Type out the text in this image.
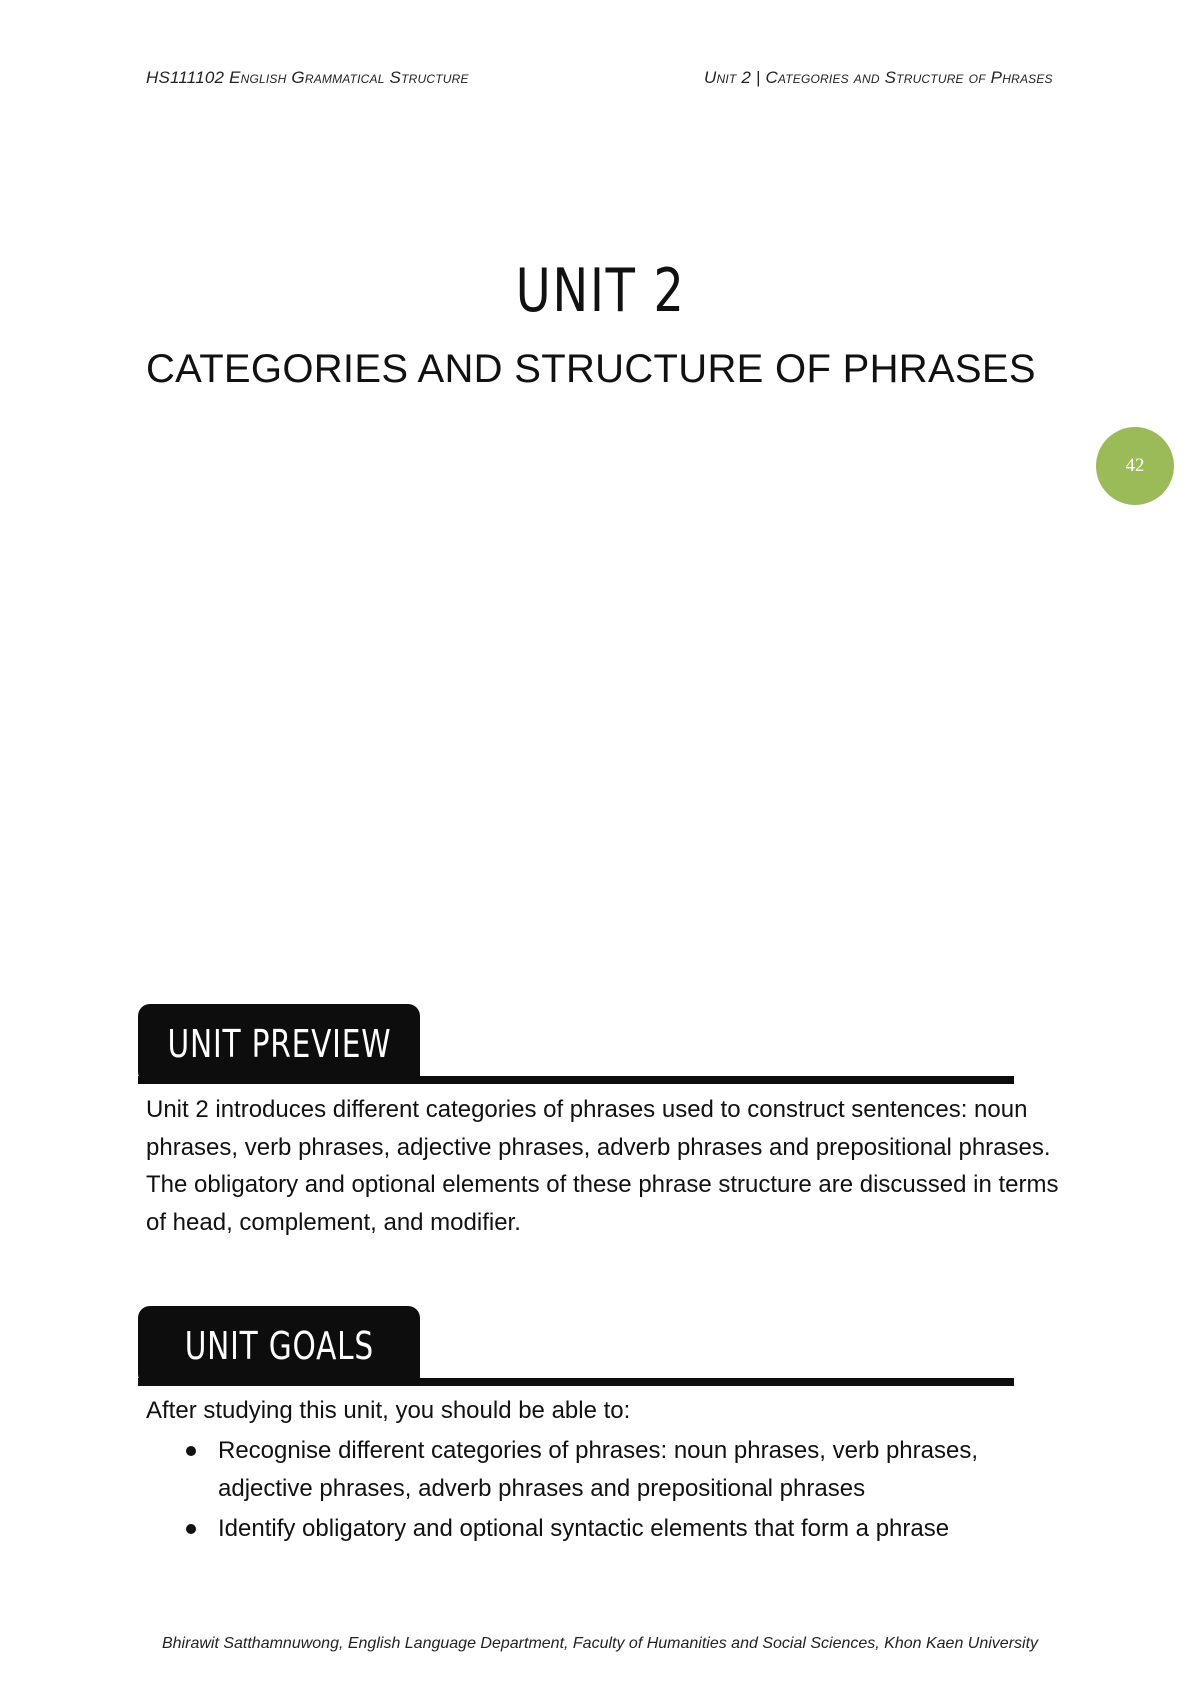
HS111102 English Grammatical Structure	Unit 2 | Categories and Structure of Phrases
UNIT 2
CATEGORIES AND STRUCTURE OF PHRASES
42
UNIT PREVIEW
Unit 2 introduces different categories of phrases used to construct sentences: noun phrases, verb phrases, adjective phrases, adverb phrases and prepositional phrases. The obligatory and optional elements of these phrase structure are discussed in terms of head, complement, and modifier.
UNIT GOALS
After studying this unit, you should be able to:
Recognise different categories of phrases: noun phrases, verb phrases, adjective phrases, adverb phrases and prepositional phrases
Identify obligatory and optional syntactic elements that form a phrase
Bhirawit Satthamnuwong, English Language Department, Faculty of Humanities and Social Sciences, Khon Kaen University
